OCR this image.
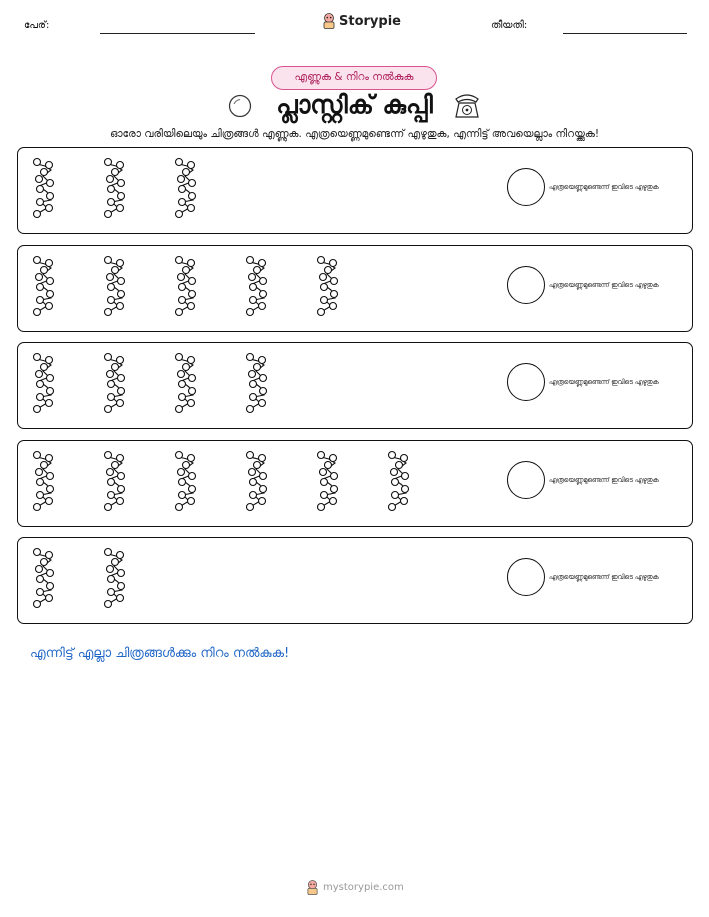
പേര്:	Storypie	തീയതി:
എണ്ണുക & നിറം നൽകുക
പ്ലാസ്റ്റിക് കുപ്പി
ഓരോ വരിയിലെയും ചിത്രങ്ങൾ എണ്ണുക. എത്രയെണ്ണമുണ്ടെന്ന് എഴുതുക, എന്നിട്ട് അവയെല്ലാം നിറയ്ക്കുക!
എത്രയെണ്ണമുണ്ടെന്ന് ഇവിടെ എഴുതുക
എത്രയെണ്ണമുണ്ടെന്ന് ഇവിടെ എഴുതുക
എത്രയെണ്ണമുണ്ടെന്ന് ഇവിടെ എഴുതുക
എത്രയെണ്ണമുണ്ടെന്ന് ഇവിടെ എഴുതുക
എത്രയെണ്ണമുണ്ടെന്ന് ഇവിടെ എഴുതുക
എന്നിട്ട് എല്ലാ ചിത്രങ്ങൾക്കും നിറം നൽകുക!
mystorypie.com
